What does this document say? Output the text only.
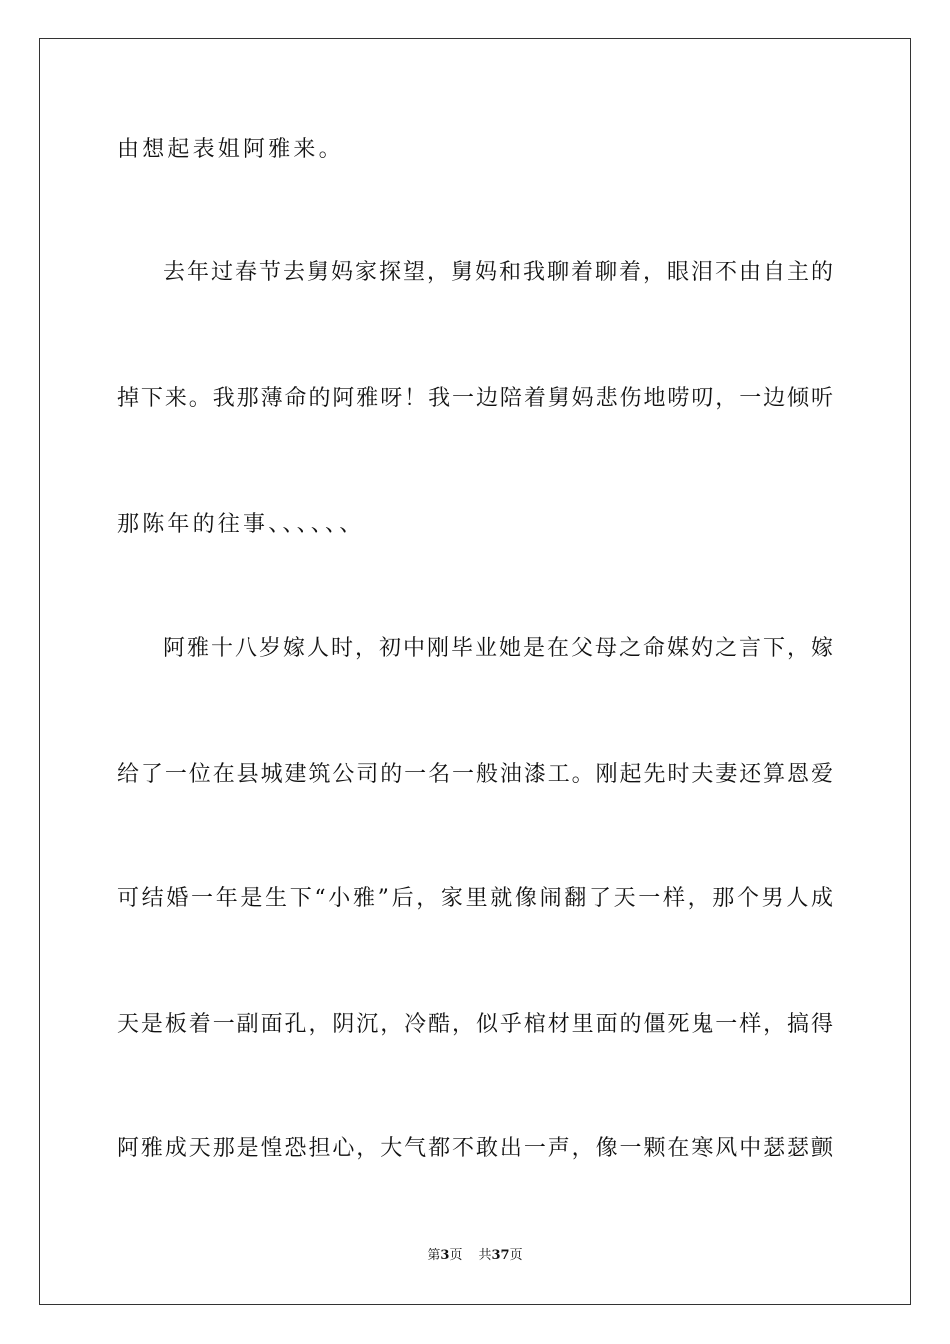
由想起表姐阿雅来。
去年过春节去舅妈家探望，舅妈和我聊着聊着，眼泪不由自主的
掉下来。我那薄命的阿雅呀！我一边陪着舅妈悲伤地唠叨，一边倾听
那陈年的往事、、、、、、
阿雅十八岁嫁人时，初中刚毕业她是在父母之命媒妁之言下，嫁
给了一位在县城建筑公司的一名一般油漆工。刚起先时夫妻还算恩爱
可结婚一年是生下“小雅”后，家里就像闹翻了天一样，那个男人成
天是板着一副面孔，阴沉，冷酷，似乎棺材里面的僵死鬼一样，搞得
阿雅成天那是惶恐担心，大气都不敢出一声，像一颗在寒风中瑟瑟颤
第3页 共37页
